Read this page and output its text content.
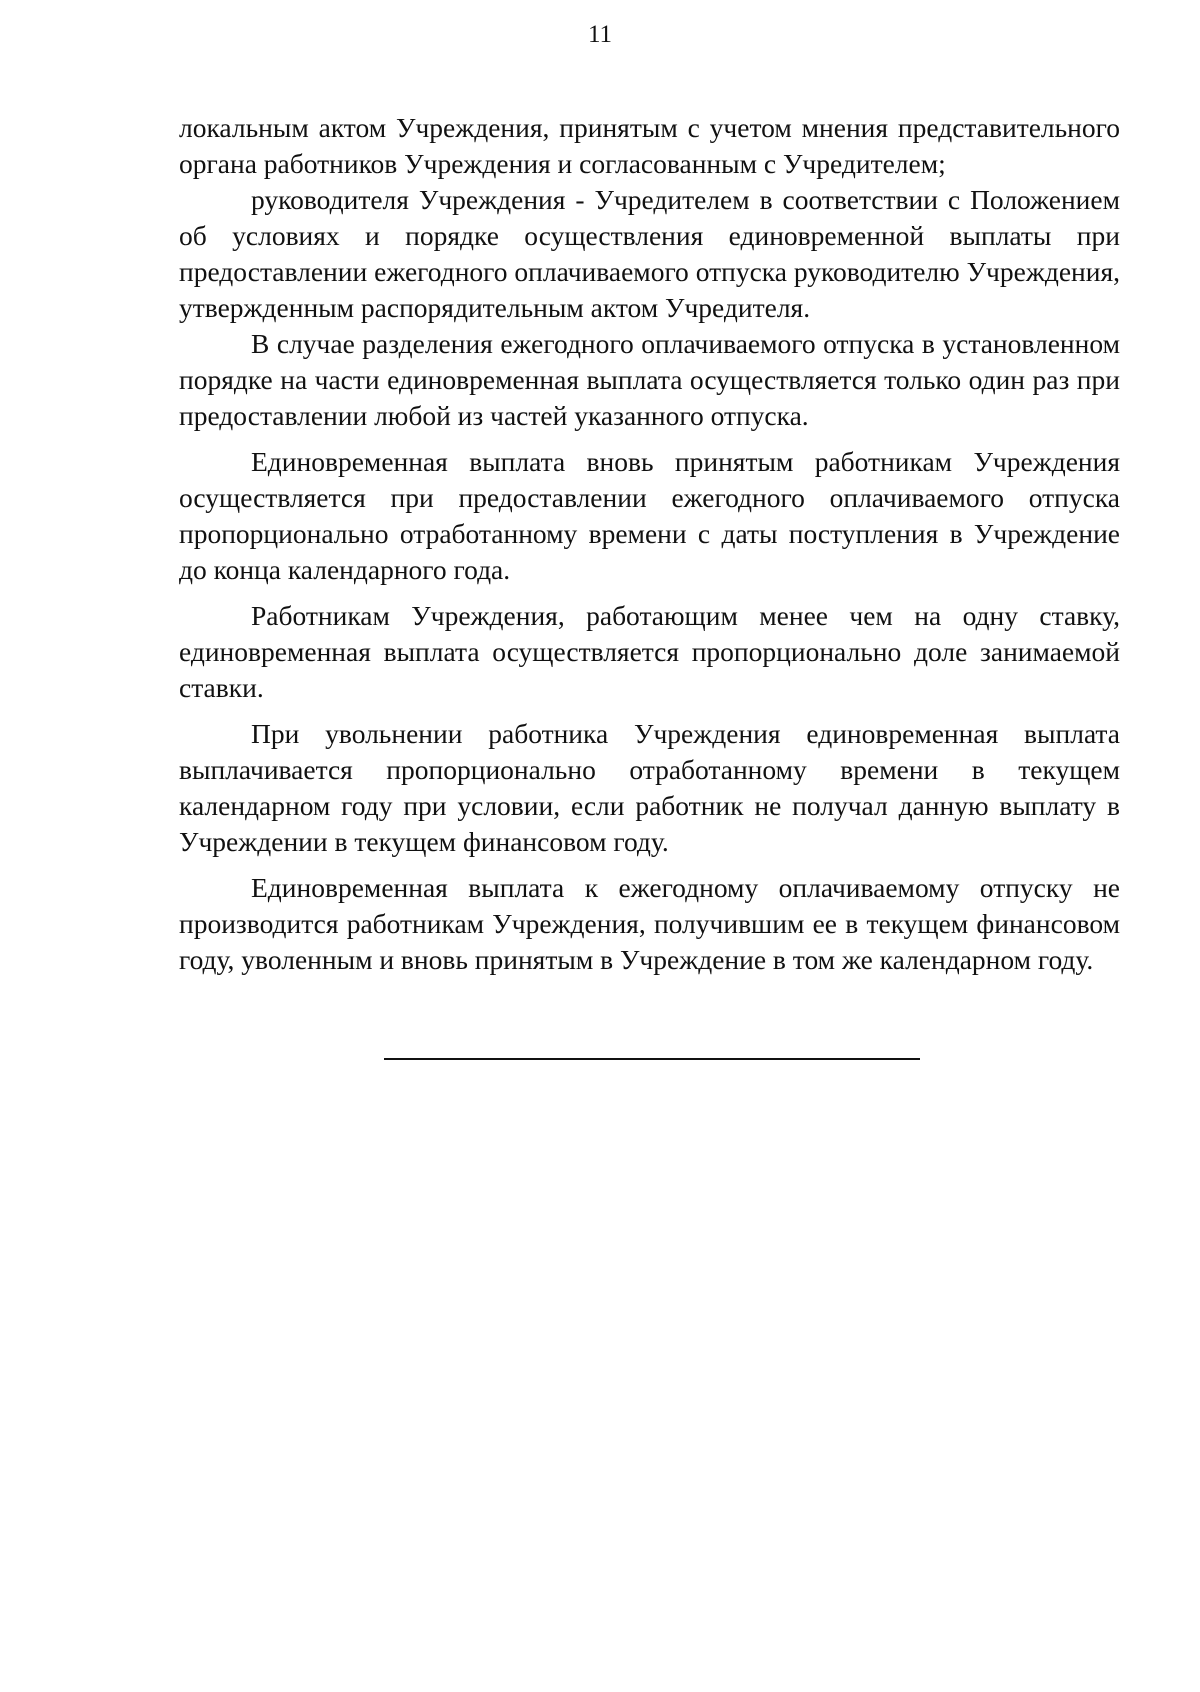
11

локальным актом Учреждения, принятым с учетом мнения представительного органа работников Учреждения и согласованным с Учредителем;

руководителя Учреждения - Учредителем в соответствии с Положением об условиях и порядке осуществления единовременной выплаты при предоставлении ежегодного оплачиваемого отпуска руководителю Учреждения, утвержденным распорядительным актом Учредителя.

В случае разделения ежегодного оплачиваемого отпуска в установленном порядке на части единовременная выплата осуществляется только один раз при предоставлении любой из частей указанного отпуска.

Единовременная выплата вновь принятым работникам Учреждения осуществляется при предоставлении ежегодного оплачиваемого отпуска пропорционально отработанному времени с даты поступления в Учреждение до конца календарного года.

Работникам Учреждения, работающим менее чем на одну ставку, единовременная выплата осуществляется пропорционально доле занимаемой ставки.

При увольнении работника Учреждения единовременная выплата выплачивается пропорционально отработанному времени в текущем календарном году при условии, если работник не получал данную выплату в Учреждении в текущем финансовом году.

Единовременная выплата к ежегодному оплачиваемому отпуску не производится работникам Учреждения, получившим ее в текущем финансовом году, уволенным и вновь принятым в Учреждение в том же календарном году.
